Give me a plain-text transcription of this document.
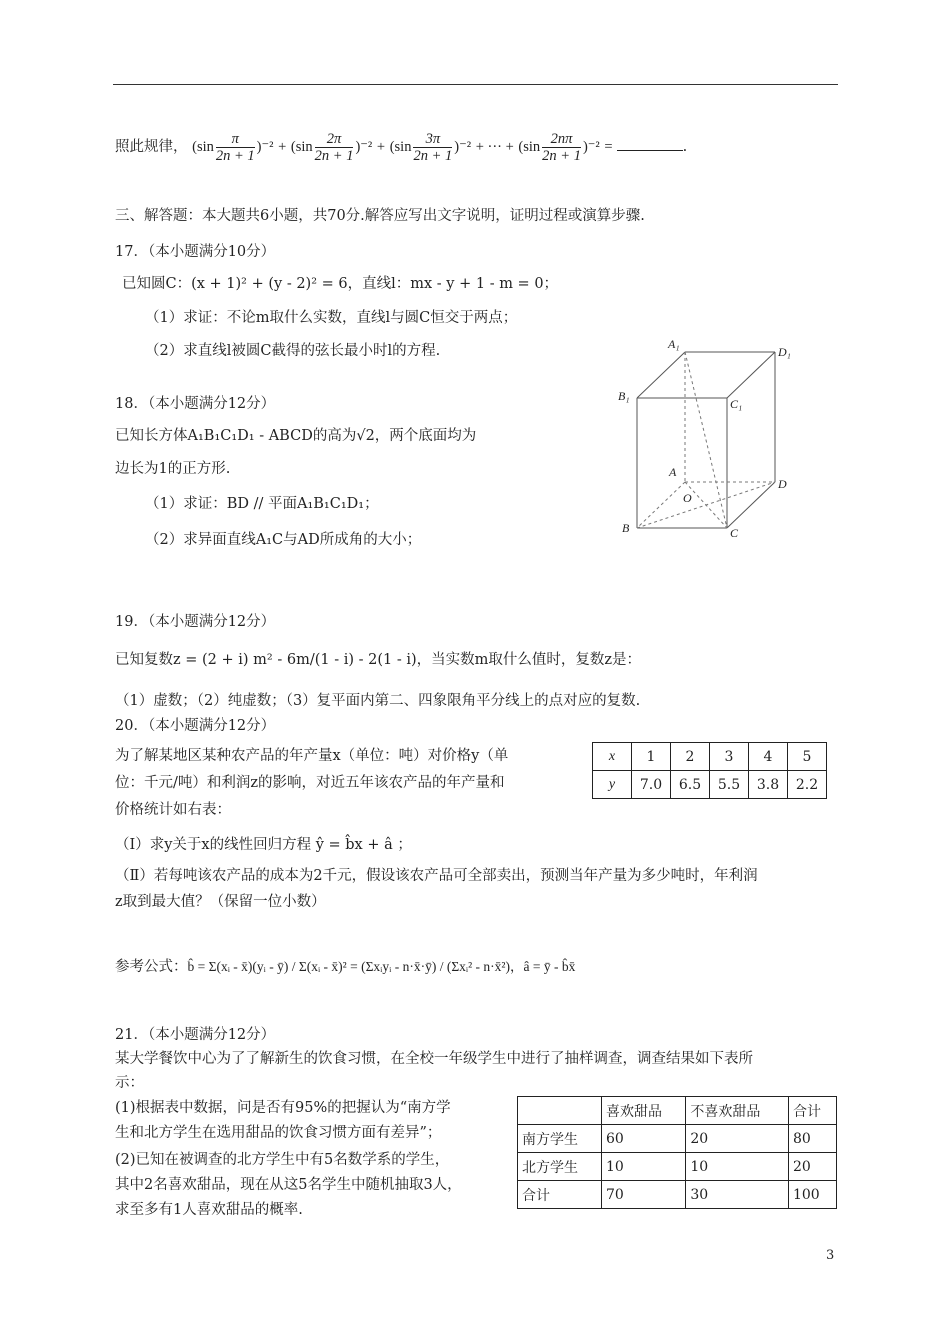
照此规律， $(\sin \frac{\pi}{2n + 1} )^{-2} + (\sin \frac{2\pi}{2n + 1} )^{-2} + (\sin \frac{3\pi}{2n + 1} )^{-2}$ + ··· + $(\sin \frac{2n\pi}{2n + 1} )^{-2}$ =	.
三、解答题：本大题共6小题，共70分.解答应写出文字说明，证明过程或演算步骤.
17．（本小题满分10分）
已知圆C：(x + 1)² + (y - 2)² = 6，直线l：mx - y + 1 - m = 0；
（1）求证：不论m取什么实数，直线l与圆C恒交于两点；
（2）求直线l被圆C截得的弦长最小时l的方程.
18．（本小题满分12分）
已知长方体A₁B₁C₁D₁ - ABCD的高为√2，两个底面均为
边长为1的正方形.
（1）求证：BD // 平面A₁B₁C₁D₁；
（2）求异面直线A₁C与AD所成角的大小；
A₁
D₁
B₁
C₁
A
D
O
B	C
19．（本小题满分12分）
已知复数z = (2 + i) m² - 6m/(1 - i) - 2(1 - i)，当实数m取什么值时，复数z是：
（1）虚数；（2）纯虚数；（3）复平面内第二、四象限角平分线上的点对应的复数.
20．（本小题满分12分）
为了解某地区某种农产品的年产量x（单位：吨）对价格y（单
位：千元/吨）和利润z的影响，对近五年该农产品的年产量和
价格统计如右表：
x	1	2	3	4	5
y	7.0	6.5	5.5	3.8	2.2
（Ⅰ）求y关于x的线性回归方程 ŷ = b̂x + â ；
（Ⅱ）若每吨该农产品的成本为2千元，假设该农产品可全部卖出，预测当年产量为多少吨时，年利润
z取到最大值？（保留一位小数）
参考公式：b̂ = Σ(xᵢ - x̄)(yᵢ - ȳ) / Σ(xᵢ - x̄)² = (Σxᵢyᵢ - n·x̄·ȳ) / (Σxᵢ² - n·x̄²)，â = ȳ - b̂x̄
21．（本小题满分12分）
某大学餐饮中心为了了解新生的饮食习惯，在全校一年级学生中进行了抽样调查，调查结果如下表所
示：
(1)根据表中数据，问是否有95%的把握认为“南方学
生和北方学生在选用甜品的饮食习惯方面有差异”；
(2)已知在被调查的北方学生中有5名数学系的学生，
其中2名喜欢甜品，现在从这5名学生中随机抽取3人，
求至多有1人喜欢甜品的概率.
	喜欢甜品	不喜欢甜品	合计
南方学生	60	20	80
北方学生	10	10	20
合计	70	30	100
3
